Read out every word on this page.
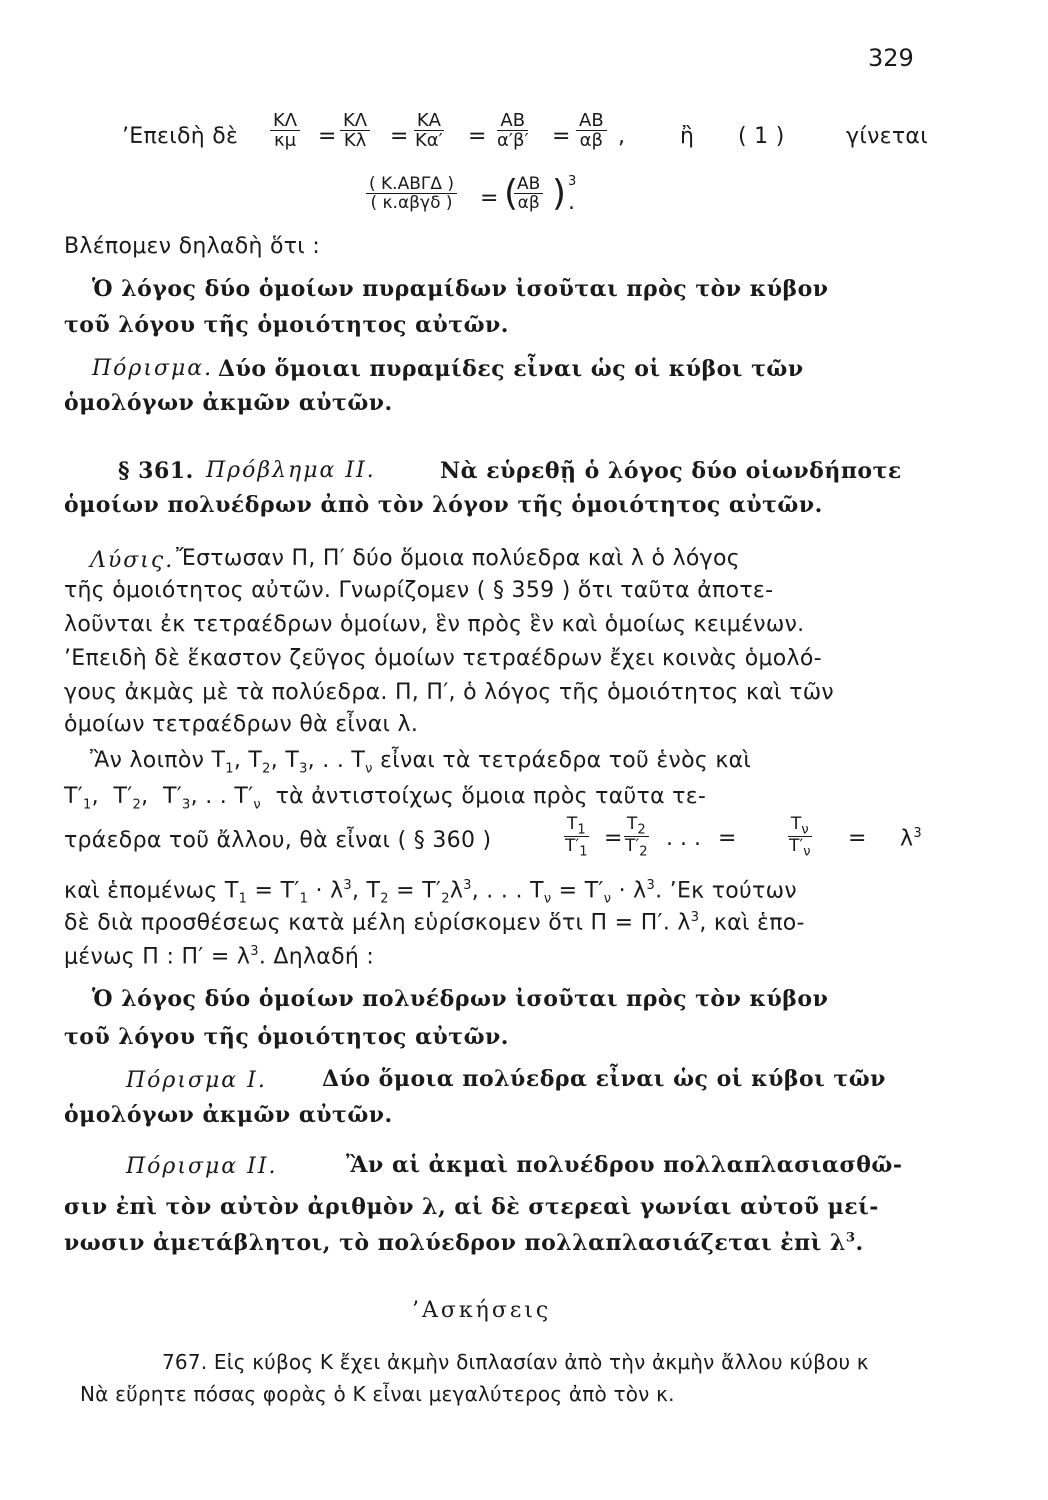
329
’Επειδὴ δὲ $\frac{K\Lambda}{\kappa\mu} = \frac{K\Lambda}{K\lambda} = \frac{KA}{K\alpha'} = \frac{AB}{\alpha'\beta'} = \frac{AB}{\alpha\beta}$ ,	ἢ ( 1 )	γίνεται
( Κ.ΑΒΓΔ )
( κ.αβγδ ) = (
$\frac{AB}{\alpha\beta}$ ) 3
.
Βλέπομεν δηλαδὴ ὅτι :
Ὁ λόγος δύο ὁμοίων πυραμίδων ἰσοῦται πρὸς τὸν κύβον
τοῦ λόγου τῆς ὁμοιότητος αὐτῶν.
Πόρισμα. Δύο ὅμοιαι πυραμίδες εἶναι ὡς οἱ κύβοι τῶν
ὁμολόγων ἀκμῶν αὐτῶν.
§ 361. Πρόβλημα ΙΙ.	Νὰ εὑρεθῇ ὁ λόγος δύο οἱωνδήποτε
ὁμοίων πολυέδρων ἀπὸ τὸν λόγον τῆς ὁμοιότητος αὐτῶν.
Λύσις. Ἔστωσαν Π, Π′ δύο ὅμοια πολύεδρα καὶ λ ὁ λόγος
τῆς ὁμοιότητος αὐτῶν. Γνωρίζομεν ( § 359 ) ὅτι ταῦτα ἀποτε-
λοῦνται ἐκ τετραέδρων ὁμοίων, ἓν πρὸς ἓν καὶ ὁμοίως κειμένων.
’Επειδὴ δὲ ἕκαστον ζεῦγος ὁμοίων τετραέδρων ἔχει κοινὰς ὁμολό-
γους ἀκμὰς μὲ τὰ πολύεδρα. Π, Π′, ὁ λόγος τῆς ὁμοιότητος καὶ τῶν
ὁμοίων τετραέδρων θὰ εἶναι λ.
Ἂν λοιπὸν $T_1$, $T_2$, $T_3$, . . $T_\nu$ εἶναι τὰ τετράεδρα τοῦ ἑνὸς καὶ
$T'_1$,  $T'_2$,  $T'_3$, . . $T'_\nu$ τὰ ἀντιστοίχως ὅμοια πρὸς ταῦτα τε-
τράεδρα τοῦ ἄλλου, θὰ εἶναι ( § 360 )	$\frac{T_1}{T'_1} = \frac{T_2}{T'_2}$ . . . =	$\frac{T_\nu}{T'_\nu} = \lambda^3$
καὶ ἑπομένως $T_1 = T'_1 \cdot \lambda^3$, $T_2 = T'_2\lambda^3$, . . . $T_\nu = T'_\nu \cdot \lambda^3$. ’Εκ τούτων
δὲ διὰ προσθέσεως κατὰ μέλη εὑρίσκομεν ὅτι Π = Π′. $\lambda^3$, καὶ ἑπο-
μένως Π : $\Pi' = \lambda^3$. Δηλαδή :
Ὁ λόγος δύο ὁμοίων πολυέδρων ἰσοῦται πρὸς τὸν κύβον
τοῦ λόγου τῆς ὁμοιότητος αὐτῶν.
Πόρισμα Ι.	Δύο ὅμοια πολύεδρα εἶναι ὡς οἱ κύβοι τῶν
ὁμολόγων ἀκμῶν αὐτῶν.
Πόρισμα ΙΙ.	Ἂν αἱ ἀκμαὶ πολυέδρου πολλαπλασιασθῶ-
σιν ἐπὶ τὸν αὐτὸν ἀριθμὸν λ, αἱ δὲ στερεαὶ γωνίαι αὐτοῦ μεί-
νωσιν ἀμετάβλητοι, τὸ πολύεδρον πολλαπλασιάζεται ἐπὶ $\lambda^3$.
’Ασκήσεις
767. Εἰς κύβος Κ ἔχει ἀκμὴν διπλασίαν ἀπὸ τὴν ἀκμὴν ἄλλου κύβου κ
Νὰ εὕρητε πόσας φορὰς ὁ Κ εἶναι μεγαλύτερος ἀπὸ τὸν κ.
